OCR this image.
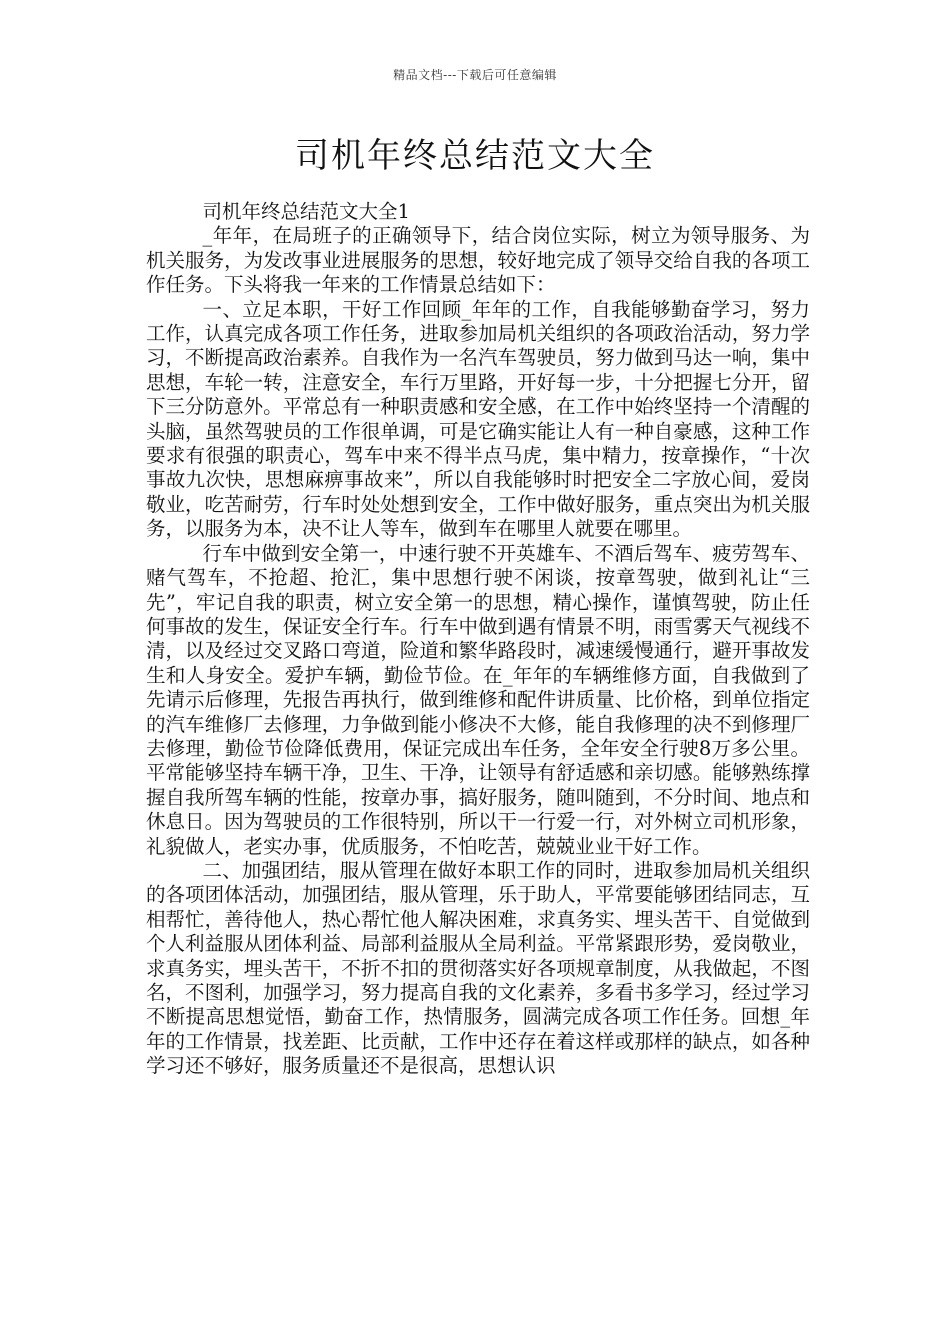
精品文档---下载后可任意编辑
司机年终总结范文大全

司机年终总结范文大全1

_年年，在局班子的正确领导下，结合岗位实际，树立为领导服务、为机关服务，为发改事业进展服务的思想，较好地完成了领导交给自我的各项工作任务。下头将我一年来的工作情景总结如下：

一、立足本职，干好工作回顾_年年的工作，自我能够勤奋学习，努力工作，认真完成各项工作任务，进取参加局机关组织的各项政治活动，努力学习，不断提高政治素养。自我作为一名汽车驾驶员，努力做到马达一响，集中思想，车轮一转，注意安全，车行万里路，开好每一步，十分把握七分开，留下三分防意外。平常总有一种职责感和安全感，在工作中始终坚持一个清醒的头脑，虽然驾驶员的工作很单调，可是它确实能让人有一种自豪感，这种工作要求有很强的职责心，驾车中来不得半点马虎，集中精力，按章操作，“十次事故九次快，思想麻痹事故来”，所以自我能够时时把安全二字放心间，爱岗敬业，吃苦耐劳，行车时处处想到安全，工作中做好服务，重点突出为机关服务，以服务为本，决不让人等车，做到车在哪里人就要在哪里。

行车中做到安全第一，中速行驶不开英雄车、不酒后驾车、疲劳驾车、赌气驾车，不抢超、抢汇，集中思想行驶不闲谈，按章驾驶，做到礼让“三先”，牢记自我的职责，树立安全第一的思想，精心操作，谨慎驾驶，防止任何事故的发生，保证安全行车。行车中做到遇有情景不明，雨雪雾天气视线不清，以及经过交叉路口弯道，险道和繁华路段时，减速缓慢通行，避开事故发生和人身安全。爱护车辆，勤俭节俭。在_年年的车辆维修方面，自我做到了先请示后修理，先报告再执行，做到维修和配件讲质量、比价格，到单位指定的汽车维修厂去修理，力争做到能小修决不大修，能自我修理的决不到修理厂去修理，勤俭节俭降低费用，保证完成出车任务，全年安全行驶8万多公里。平常能够坚持车辆干净，卫生、干净，让领导有舒适感和亲切感。能够熟练撑握自我所驾车辆的性能，按章办事，搞好服务，随叫随到，不分时间、地点和休息日。因为驾驶员的工作很特别，所以干一行爱一行，对外树立司机形象，礼貌做人，老实办事，优质服务，不怕吃苦，兢兢业业干好工作。

二、加强团结，服从管理在做好本职工作的同时，进取参加局机关组织的各项团体活动，加强团结，服从管理，乐于助人，平常要能够团结同志，互相帮忙，善待他人，热心帮忙他人解决困难，求真务实、埋头苦干、自觉做到个人利益服从团体利益、局部利益服从全局利益。平常紧跟形势，爱岗敬业，求真务实，埋头苦干，不折不扣的贯彻落实好各项规章制度，从我做起，不图名，不图利，加强学习，努力提高自我的文化素养，多看书多学习，经过学习不断提高思想觉悟，勤奋工作，热情服务，圆满完成各项工作任务。回想_年年的工作情景，找差距、比贡献，工作中还存在着这样或那样的缺点，如各种学习还不够好，服务质量还不是很高，思想认识
